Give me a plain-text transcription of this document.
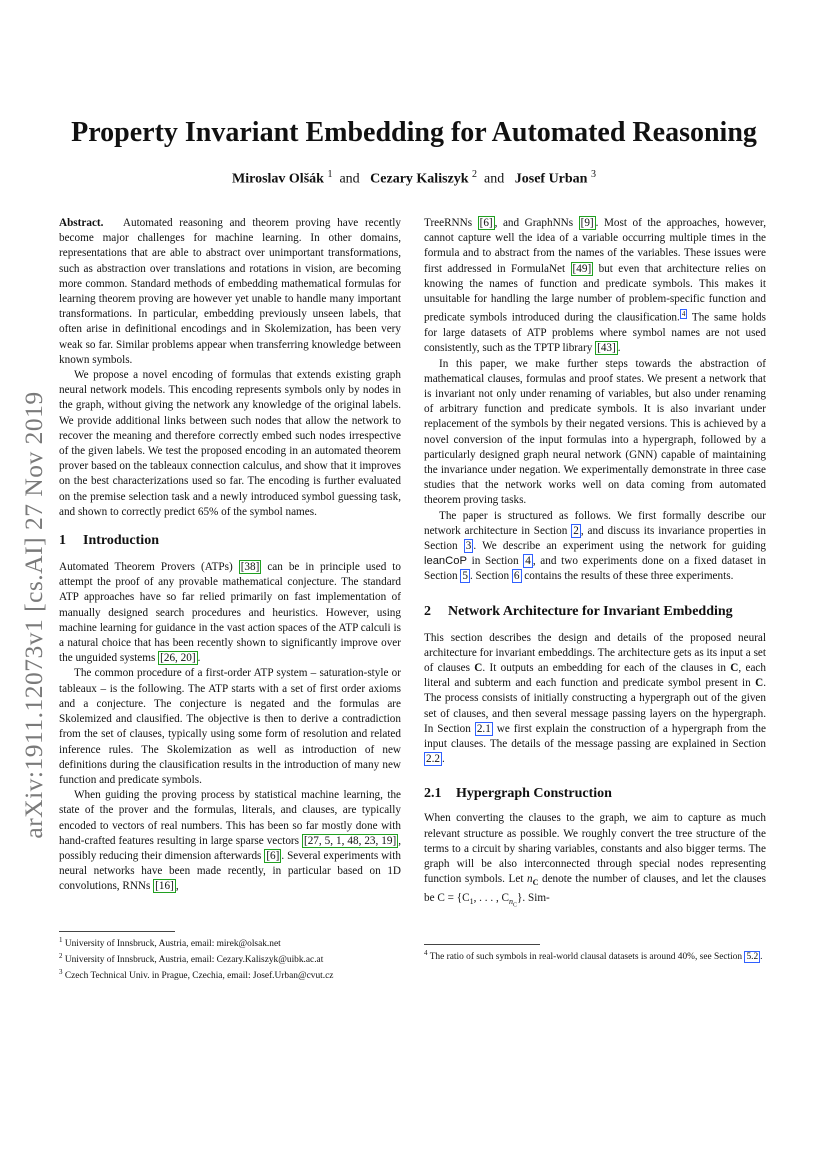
arXiv:1911.12073v1 [cs.AI] 27 Nov 2019
Property Invariant Embedding for Automated Reasoning
Miroslav Olšák $^1$ and Cezary Kaliszyk $^2$ and Josef Urban $^3$

Abstract. Automated reasoning and theorem proving have recently become major challenges for machine learning. In other domains, representations that are able to abstract over unimportant transformations, such as abstraction over translations and rotations in vision, are becoming more common. Standard methods of embedding mathematical formulas for learning theorem proving are however yet unable to handle many important transformations. In particular, embedding previously unseen labels, that often arise in definitional encodings and in Skolemization, has been very weak so far. Similar problems appear when transferring knowledge between known symbols.

We propose a novel encoding of formulas that extends existing graph neural network models. This encoding represents symbols only by nodes in the graph, without giving the network any knowledge of the original labels. We provide additional links between such nodes that allow the network to recover the meaning and therefore correctly embed such nodes irrespective of the given labels. We test the proposed encoding in an automated theorem prover based on the tableaux connection calculus, and show that it improves on the best characterizations used so far. The encoding is further evaluated on the premise selection task and a newly introduced symbol guessing task, and shown to correctly predict 65% of the symbol names.

1 Introduction

Automated Theorem Provers (ATPs) [38] can be in principle used to attempt the proof of any provable mathematical conjecture. The standard ATP approaches have so far relied primarily on fast implementation of manually designed search procedures and heuristics. However, using machine learning for guidance in the vast action spaces of the ATP calculi is a natural choice that has been recently shown to significantly improve over the unguided systems [26, 20] .

The common procedure of a first-order ATP system – saturation-style or tableaux – is the following. The ATP starts with a set of first order axioms and a conjecture. The conjecture is negated and the formulas are Skolemized and clausified. The objective is then to derive a contradiction from the set of clauses, typically using some form of resolution and related inference rules. The Skolemization as well as introduction of new definitions during the clausification results in the introduction of many new function and predicate symbols.

When guiding the proving process by statistical machine learning, the state of the prover and the formulas, literals, and clauses, are typically encoded to vectors of real numbers. This has been so far mostly done with hand-crafted features resulting in large sparse vectors [27, 5, 1, 48, 23, 19] , possibly reducing their dimension afterwards [6] . Several experiments with neural networks have been made recently, in particular based on 1D convolutions, RNNs [16] ,

$^1$ University of Innsbruck, Austria, email: mirek@olsak.net
$^2$ University of Innsbruck, Austria, email: Cezary.Kaliszyk@uibk.ac.at
$^3$ Czech Technical Univ. in Prague, Czechia, email: Josef.Urban@cvut.cz

TreeRNNs [6] , and GraphNNs [9] . Most of the approaches, however, cannot capture well the idea of a variable occurring multiple times in the formula and to abstract from the names of the variables. These issues were first addressed in FormulaNet [49] but even that architecture relies on knowing the names of function and predicate symbols. This makes it unsuitable for handling the large number of problem-specific function and predicate symbols introduced during the clausification. $^4$ The same holds for large datasets of ATP problems where symbol names are not used consistently, such as the TPTP library [43] .

In this paper, we make further steps towards the abstraction of mathematical clauses, formulas and proof states. We present a network that is invariant not only under renaming of variables, but also under renaming of arbitrary function and predicate symbols. It is also invariant under replacement of the symbols by their negated versions. This is achieved by a novel conversion of the input formulas into a hypergraph, followed by a particularly designed graph neural network (GNN) capable of maintaining the invariance under negation. We experimentally demonstrate in three case studies that the network works well on data coming from automated theorem proving tasks.

The paper is structured as follows. We first formally describe our network architecture in Section 2 , and discuss its invariance properties in Section 3 . We describe an experiment using the network for guiding leanCoP in Section 4 , and two experiments done on a fixed dataset in Section 5 . Section 6 contains the results of these three experiments.

2 Network Architecture for Invariant Embedding

This section describes the design and details of the proposed neural architecture for invariant embeddings. The architecture gets as its input a set of clauses C. It outputs an embedding for each of the clauses in C, each literal and subterm and each function and predicate symbol present in C. The process consists of initially constructing a hypergraph out of the given set of clauses, and then several message passing layers on the hypergraph. In Section 2.1 we first explain the construction of a hypergraph from the input clauses. The details of the message passing are explained in Section 2.2 .

2.1 Hypergraph Construction

When converting the clauses to the graph, we aim to capture as much relevant structure as possible. We roughly convert the tree structure of the terms to a circuit by sharing variables, constants and also bigger terms. The graph will be also interconnected through special nodes representing function symbols. Let $n_C$ denote the number of clauses, and let the clauses be $C = \{C_1$, . . . , $C_{n_C}$}. Sim-

$^4$ The ratio of such symbols in real-world clausal datasets is around 40%, see Section 5.2 .
